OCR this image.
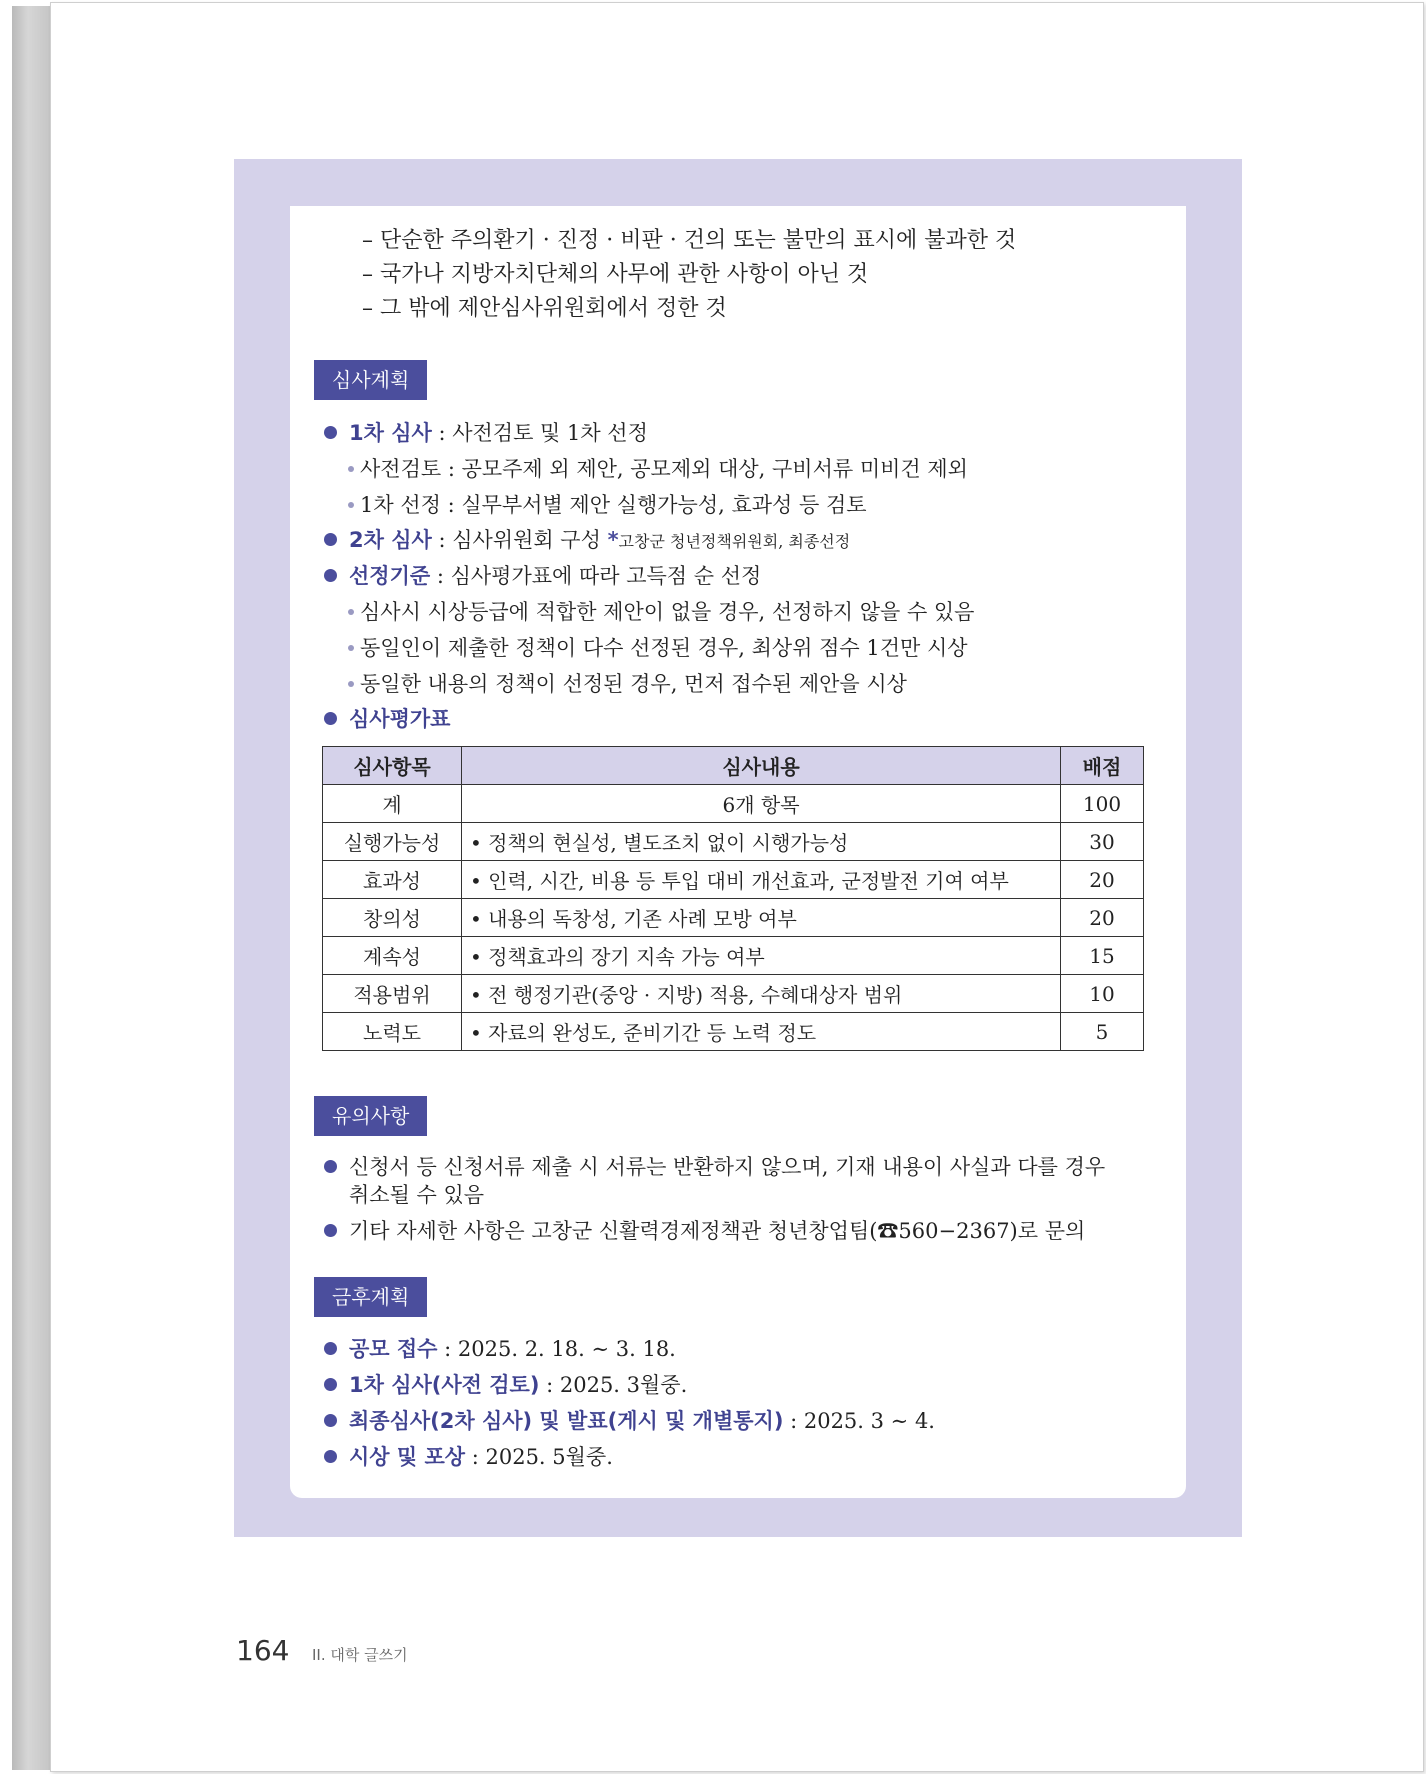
– 단순한 주의환기 · 진정 · 비판 · 건의 또는 불만의 표시에 불과한 것
– 국가나 지방자치단체의 사무에 관한 사항이 아닌 것
– 그 밖에 제안심사위원회에서 정한 것
심사계획
1차 심사 : 사전검토 및 1차 선정
사전검토 : 공모주제 외 제안, 공모제외 대상, 구비서류 미비건 제외
1차 선정 : 실무부서별 제안 실행가능성, 효과성 등 검토
2차 심사 : 심사위원회 구성 *고창군 청년정책위원회, 최종선정
선정기준 : 심사평가표에 따라 고득점 순 선정
심사시 시상등급에 적합한 제안이 없을 경우, 선정하지 않을 수 있음
동일인이 제출한 정책이 다수 선정된 경우, 최상위 점수 1건만 시상
동일한 내용의 정책이 선정된 경우, 먼저 접수된 제안을 시상
심사평가표
심사항목	심사내용	배점
계	6개 항목	100
실행가능성	• 정책의 현실성, 별도조치 없이 시행가능성	30
효과성	• 인력, 시간, 비용 등 투입 대비 개선효과, 군정발전 기여 여부	20
창의성	• 내용의 독창성, 기존 사례 모방 여부	20
계속성	• 정책효과의 장기 지속 가능 여부	15
적용범위	• 전 행정기관(중앙 · 지방) 적용, 수혜대상자 범위	10
노력도	• 자료의 완성도, 준비기간 등 노력 정도	5
유의사항
신청서 등 신청서류 제출 시 서류는 반환하지 않으며, 기재 내용이 사실과 다를 경우
취소될 수 있음
기타 자세한 사항은 고창군 신활력경제정책관 청년창업팀(☎560−2367)로 문의
금후계획
공모 접수 : 2025. 2. 18. ∼ 3. 18.
1차 심사(사전 검토) : 2025. 3월중.
최종심사(2차 심사) 및 발표(게시 및 개별통지) : 2025. 3 ∼ 4.
시상 및 포상 : 2025. 5월중.
164 II. 대학 글쓰기
